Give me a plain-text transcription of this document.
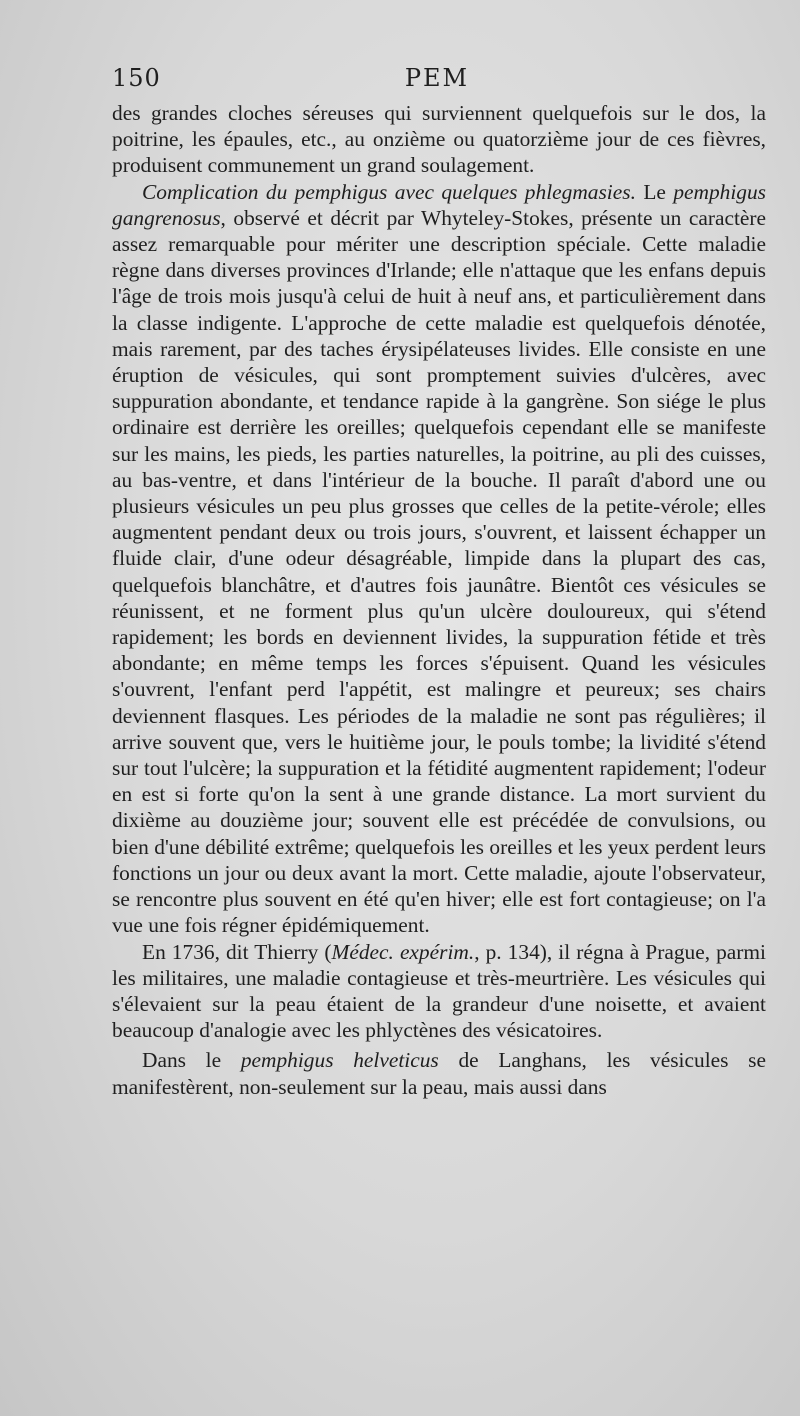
150	PEM

des grandes cloches séreuses qui surviennent quelquefois sur le dos, la poitrine, les épaules, etc., au onzième ou quatorzième jour de ces fièvres, produisent communement un grand soulagement.

Complication du pemphigus avec quelques phlegmasies. Le pemphigus gangrenosus, observé et décrit par Whyteley-Stokes, présente un caractère assez remarquable pour mériter une description spéciale. Cette maladie règne dans diverses provinces d'Irlande; elle n'attaque que les enfans depuis l'âge de trois mois jusqu'à celui de huit à neuf ans, et particulièrement dans la classe indigente. L'approche de cette maladie est quelquefois dénotée, mais rarement, par des taches érysipélateuses livides. Elle consiste en une éruption de vésicules, qui sont promptement suivies d'ulcères, avec suppuration abondante, et tendance rapide à la gangrène. Son siége le plus ordinaire est derrière les oreilles; quelquefois cependant elle se manifeste sur les mains, les pieds, les parties naturelles, la poitrine, au pli des cuisses, au bas-ventre, et dans l'intérieur de la bouche. Il paraît d'abord une ou plusieurs vésicules un peu plus grosses que celles de la petite-vérole; elles augmentent pendant deux ou trois jours, s'ouvrent, et laissent échapper un fluide clair, d'une odeur désagréable, limpide dans la plupart des cas, quelquefois blanchâtre, et d'autres fois jaunâtre. Bientôt ces vésicules se réunissent, et ne forment plus qu'un ulcère douloureux, qui s'étend rapidement; les bords en deviennent livides, la suppuration fétide et très abondante; en même temps les forces s'épuisent. Quand les vésicules s'ouvrent, l'enfant perd l'appétit, est malingre et peureux; ses chairs deviennent flasques. Les périodes de la maladie ne sont pas régulières; il arrive souvent que, vers le huitième jour, le pouls tombe; la lividité s'étend sur tout l'ulcère; la suppuration et la fétidité augmentent rapidement; l'odeur en est si forte qu'on la sent à une grande distance. La mort survient du dixième au douzième jour; souvent elle est précédée de convulsions, ou bien d'une débilité extrême; quelquefois les oreilles et les yeux perdent leurs fonctions un jour ou deux avant la mort. Cette maladie, ajoute l'observateur, se rencontre plus souvent en été qu'en hiver; elle est fort contagieuse; on l'a vue une fois régner épidémiquement.

En 1736, dit Thierry (Médec. expérim., p. 134), il régna à Prague, parmi les militaires, une maladie contagieuse et très-meurtrière. Les vésicules qui s'élevaient sur la peau étaient de la grandeur d'une noisette, et avaient beaucoup d'analogie avec les phlyctènes des vésicatoires.

Dans le pemphigus helveticus de Langhans, les vésicules se manifestèrent, non-seulement sur la peau, mais aussi dans
